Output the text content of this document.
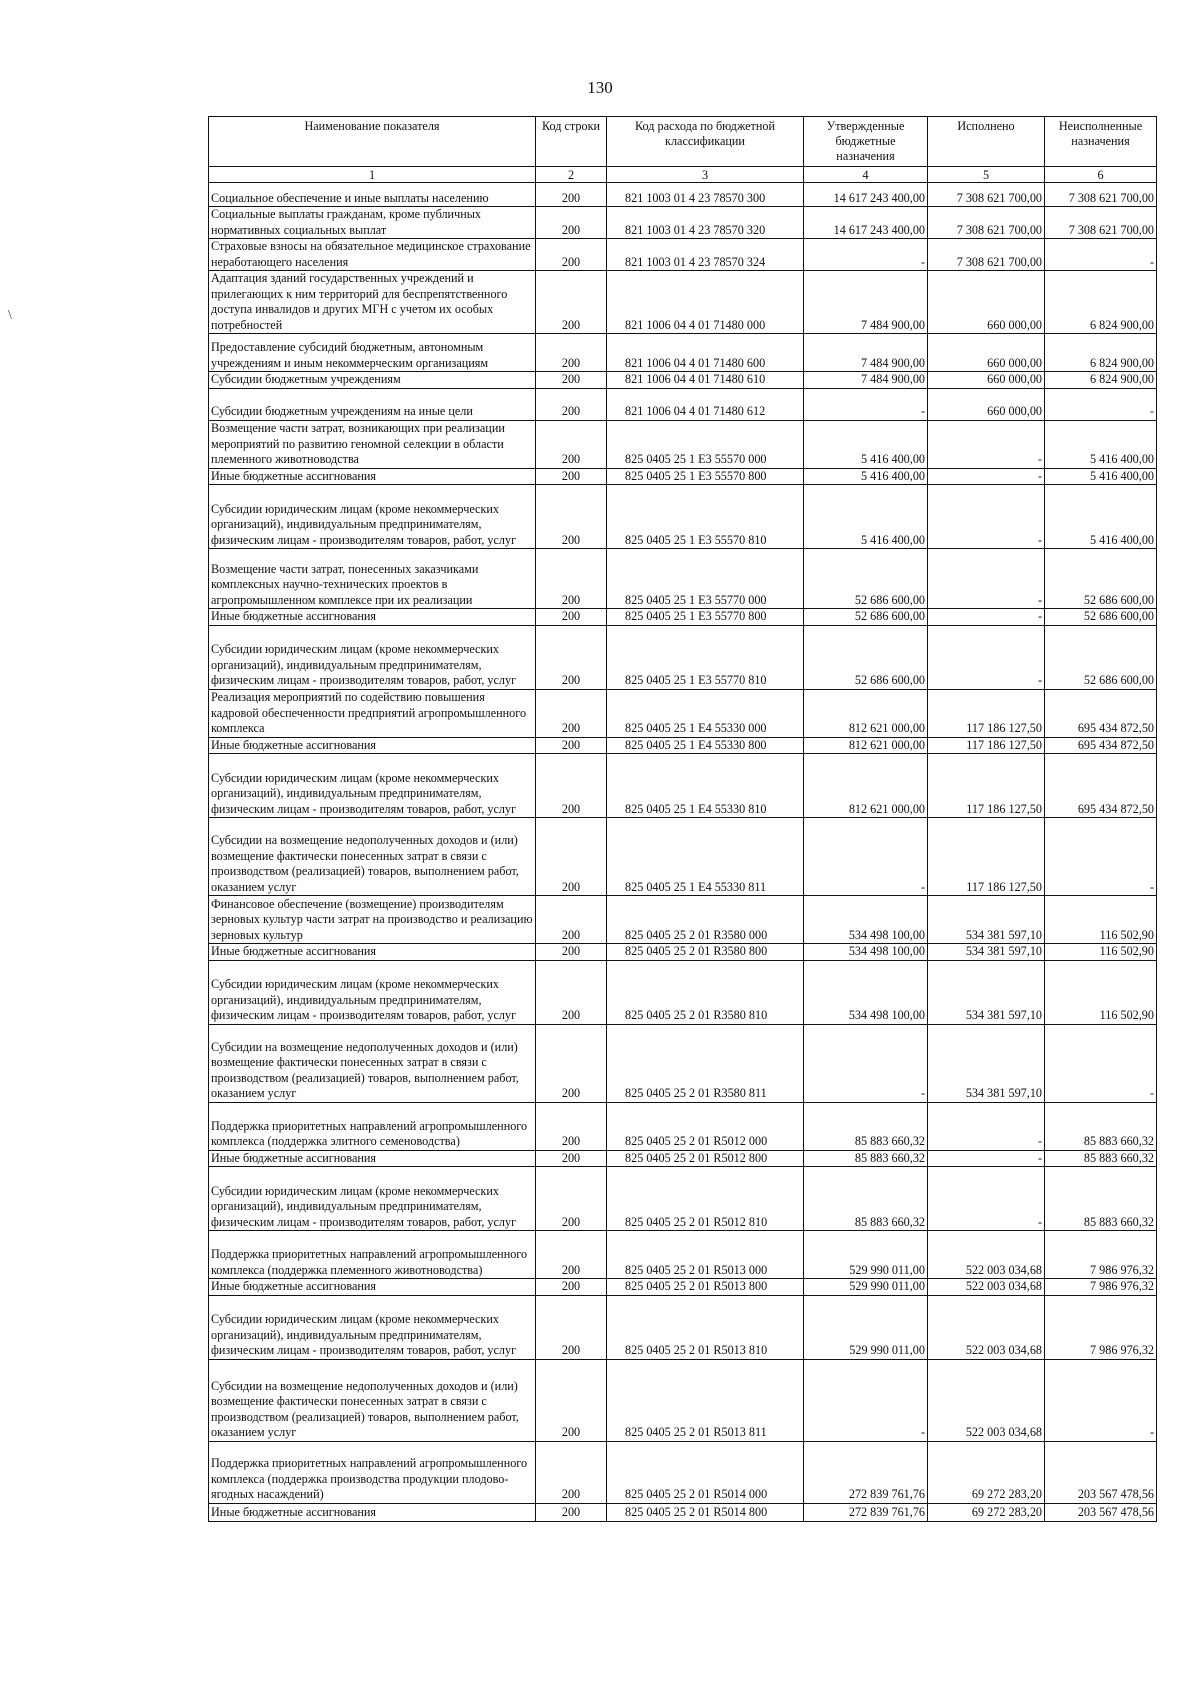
130
\
Наименование показателя	Код строки	Код расхода по бюджетной классификации	Утвержденные бюджетные назначения	Исполнено	Неисполненные назначения
1	2	3	4	5	6
Социальное обеспечение и иные выплаты населению	200	821 1003 01 4 23 78570 300	14 617 243 400,00	7 308 621 700,00	7 308 621 700,00
Социальные выплаты гражданам, кроме публичных нормативных социальных выплат	200	821 1003 01 4 23 78570 320	14 617 243 400,00	7 308 621 700,00	7 308 621 700,00
Страховые взносы на обязательное медицинское страхование неработающего населения	200	821 1003 01 4 23 78570 324	-	7 308 621 700,00	-
Адаптация зданий государственных учреждений и прилегающих к ним территорий для беспрепятственного доступа инвалидов и других МГН с учетом их особых потребностей	200	821 1006 04 4 01 71480 000	7 484 900,00	660 000,00	6 824 900,00
Предоставление субсидий бюджетным, автономным учреждениям и иным некоммерческим организациям	200	821 1006 04 4 01 71480 600	7 484 900,00	660 000,00	6 824 900,00
Субсидии бюджетным учреждениям	200	821 1006 04 4 01 71480 610	7 484 900,00	660 000,00	6 824 900,00
Субсидии бюджетным учреждениям на иные цели	200	821 1006 04 4 01 71480 612	-	660 000,00	-
Возмещение части затрат, возникающих при реализации мероприятий по развитию геномной селекции в области племенного животноводства	200	825 0405 25 1 Е3 55570 000	5 416 400,00	-	5 416 400,00
Иные бюджетные ассигнования	200	825 0405 25 1 Е3 55570 800	5 416 400,00	-	5 416 400,00
Субсидии юридическим лицам (кроме некоммерческих организаций), индивидуальным предпринимателям, физическим лицам - производителям товаров, работ, услуг	200	825 0405 25 1 Е3 55570 810	5 416 400,00	-	5 416 400,00
Возмещение части затрат, понесенных заказчиками комплексных научно-технических проектов в агропромышленном комплексе при их реализации	200	825 0405 25 1 Е3 55770 000	52 686 600,00	-	52 686 600,00
Иные бюджетные ассигнования	200	825 0405 25 1 Е3 55770 800	52 686 600,00	-	52 686 600,00
Субсидии юридическим лицам (кроме некоммерческих организаций), индивидуальным предпринимателям, физическим лицам - производителям товаров, работ, услуг	200	825 0405 25 1 Е3 55770 810	52 686 600,00	-	52 686 600,00
Реализация мероприятий по содействию повышения кадровой обеспеченности предприятий агропромышленного комплекса	200	825 0405 25 1 Е4 55330 000	812 621 000,00	117 186 127,50	695 434 872,50
Иные бюджетные ассигнования	200	825 0405 25 1 Е4 55330 800	812 621 000,00	117 186 127,50	695 434 872,50
Субсидии юридическим лицам (кроме некоммерческих организаций), индивидуальным предпринимателям, физическим лицам - производителям товаров, работ, услуг	200	825 0405 25 1 Е4 55330 810	812 621 000,00	117 186 127,50	695 434 872,50
Субсидии на возмещение недополученных доходов и (или) возмещение фактически понесенных затрат в связи с производством (реализацией) товаров, выполнением работ, оказанием услуг	200	825 0405 25 1 Е4 55330 811	-	117 186 127,50	-
Финансовое обеспечение (возмещение) производителям зерновых культур части затрат на производство и реализацию зерновых культур	200	825 0405 25 2 01 R3580 000	534 498 100,00	534 381 597,10	116 502,90
Иные бюджетные ассигнования	200	825 0405 25 2 01 R3580 800	534 498 100,00	534 381 597,10	116 502,90
Субсидии юридическим лицам (кроме некоммерческих организаций), индивидуальным предпринимателям, физическим лицам - производителям товаров, работ, услуг	200	825 0405 25 2 01 R3580 810	534 498 100,00	534 381 597,10	116 502,90
Субсидии на возмещение недополученных доходов и (или) возмещение фактически понесенных затрат в связи с производством (реализацией) товаров, выполнением работ, оказанием услуг	200	825 0405 25 2 01 R3580 811	-	534 381 597,10	-
Поддержка приоритетных направлений агропромышленного комплекса (поддержка элитного семеноводства)	200	825 0405 25 2 01 R5012 000	85 883 660,32	-	85 883 660,32
Иные бюджетные ассигнования	200	825 0405 25 2 01 R5012 800	85 883 660,32	-	85 883 660,32
Субсидии юридическим лицам (кроме некоммерческих организаций), индивидуальным предпринимателям, физическим лицам - производителям товаров, работ, услуг	200	825 0405 25 2 01 R5012 810	85 883 660,32	-	85 883 660,32
Поддержка приоритетных направлений агропромышленного комплекса (поддержка племенного животноводства)	200	825 0405 25 2 01 R5013 000	529 990 011,00	522 003 034,68	7 986 976,32
Иные бюджетные ассигнования	200	825 0405 25 2 01 R5013 800	529 990 011,00	522 003 034,68	7 986 976,32
Субсидии юридическим лицам (кроме некоммерческих организаций), индивидуальным предпринимателям, физическим лицам - производителям товаров, работ, услуг	200	825 0405 25 2 01 R5013 810	529 990 011,00	522 003 034,68	7 986 976,32
Субсидии на возмещение недополученных доходов и (или) возмещение фактически понесенных затрат в связи с производством (реализацией) товаров, выполнением работ, оказанием услуг	200	825 0405 25 2 01 R5013 811	-	522 003 034,68	-
Поддержка приоритетных направлений агропромышленного комплекса (поддержка производства продукции плодово-ягодных насаждений)	200	825 0405 25 2 01 R5014 000	272 839 761,76	69 272 283,20	203 567 478,56
Иные бюджетные ассигнования	200	825 0405 25 2 01 R5014 800	272 839 761,76	69 272 283,20	203 567 478,56
